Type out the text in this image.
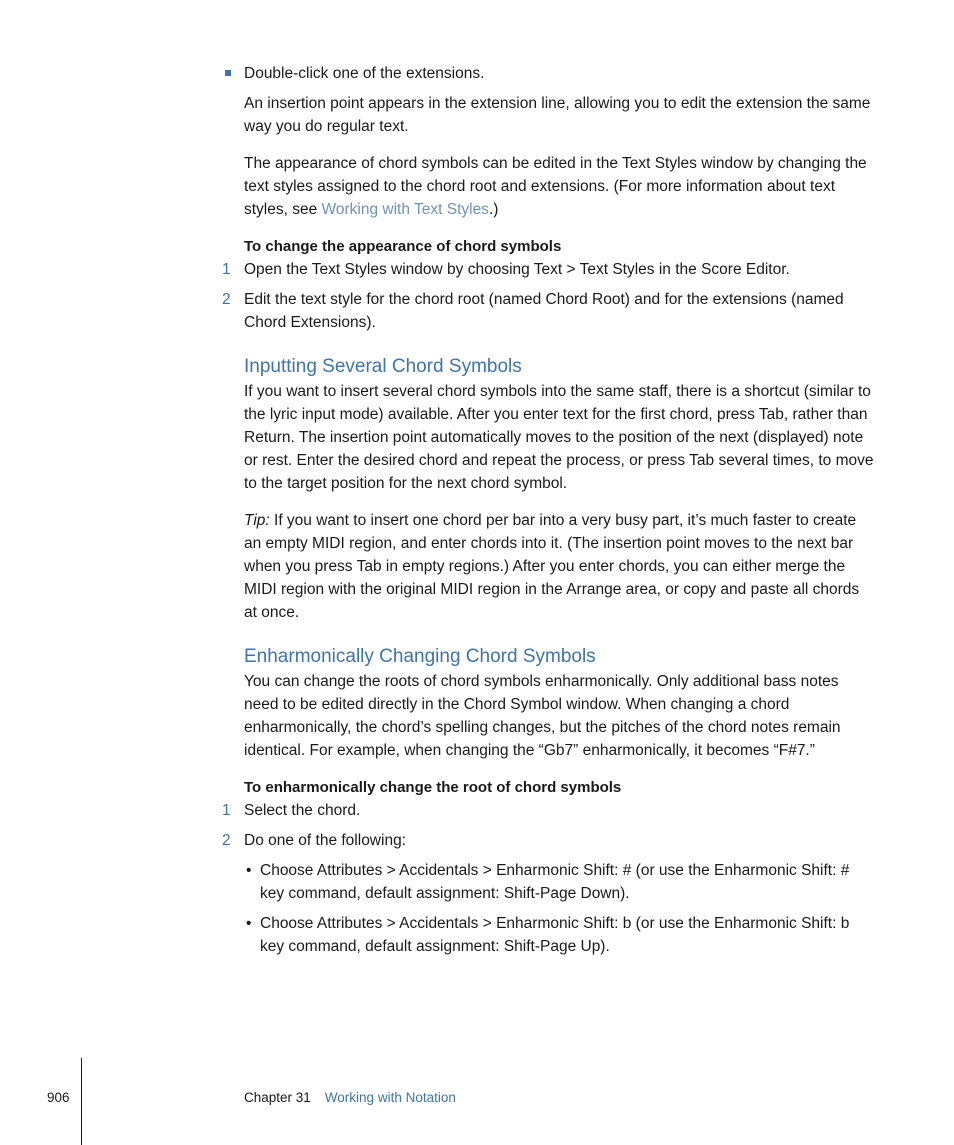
Double-click one of the extensions.

An insertion point appears in the extension line, allowing you to edit the extension the same way you do regular text.

The appearance of chord symbols can be edited in the Text Styles window by changing the text styles assigned to the chord root and extensions. (For more information about text styles, see Working with Text Styles.)

To change the appearance of chord symbols

1 Open the Text Styles window by choosing Text > Text Styles in the Score Editor.

2 Edit the text style for the chord root (named Chord Root) and for the extensions (named Chord Extensions).

Inputting Several Chord Symbols

If you want to insert several chord symbols into the same staff, there is a shortcut (similar to the lyric input mode) available. After you enter text for the first chord, press Tab, rather than Return. The insertion point automatically moves to the position of the next (displayed) note or rest. Enter the desired chord and repeat the process, or press Tab several times, to move to the target position for the next chord symbol.

Tip: If you want to insert one chord per bar into a very busy part, it’s much faster to create an empty MIDI region, and enter chords into it. (The insertion point moves to the next bar when you press Tab in empty regions.) After you enter chords, you can either merge the MIDI region with the original MIDI region in the Arrange area, or copy and paste all chords at once.

Enharmonically Changing Chord Symbols

You can change the roots of chord symbols enharmonically. Only additional bass notes need to be edited directly in the Chord Symbol window. When changing a chord enharmonically, the chord’s spelling changes, but the pitches of the chord notes remain identical. For example, when changing the “Gb7” enharmonically, it becomes “F#7.”

To enharmonically change the root of chord symbols

1 Select the chord.

2 Do one of the following:

• Choose Attributes > Accidentals > Enharmonic Shift: # (or use the Enharmonic Shift: # key command, default assignment: Shift-Page Down).

• Choose Attributes > Accidentals > Enharmonic Shift: b (or use the Enharmonic Shift: b key command, default assignment: Shift-Page Up).

906	Chapter 31 Working with Notation
